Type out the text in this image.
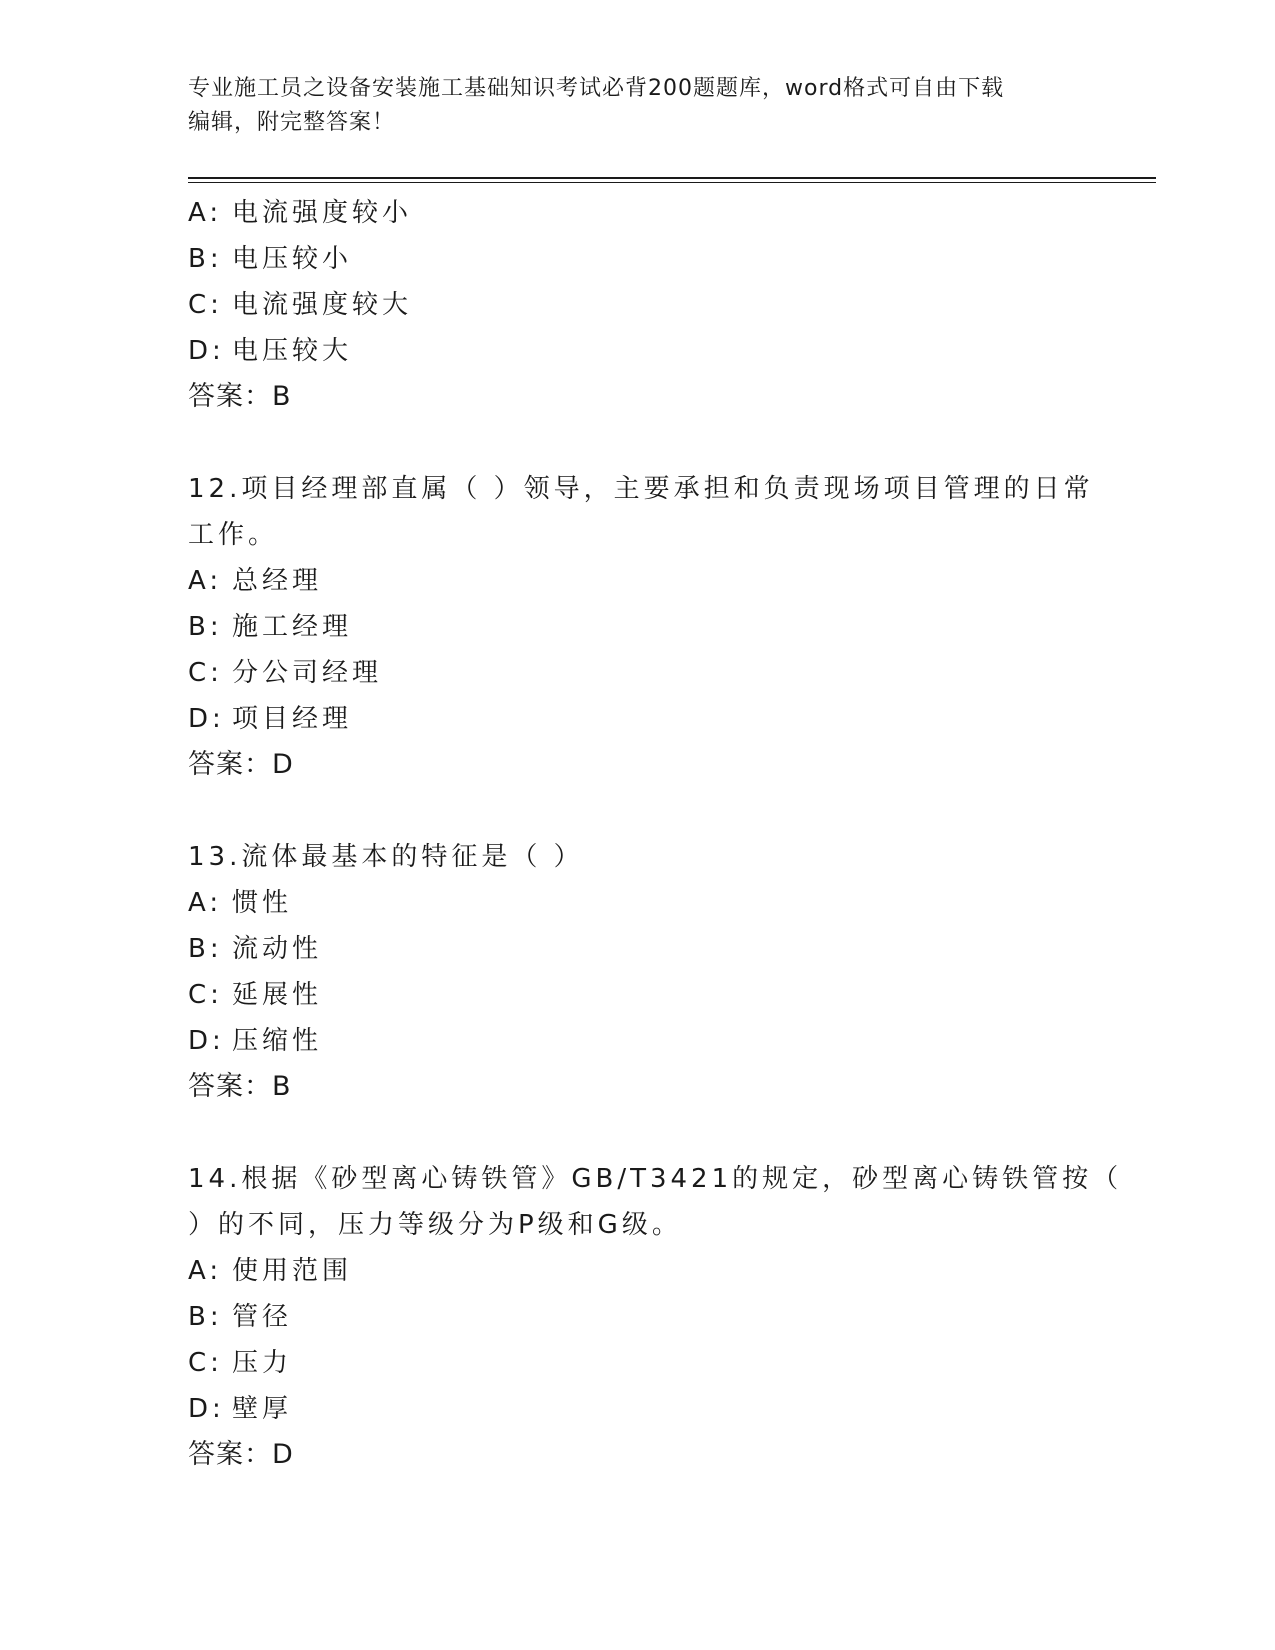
专业施工员之设备安装施工基础知识考试必背200题题库，word格式可自由下载
编辑，附完整答案！
A: 电流强度较小
B: 电压较小
C: 电流强度较大
D: 电压较大
答案：B
12.项目经理部直属（ ）领导，主要承担和负责现场项目管理的日常
工作。
A: 总经理
B: 施工经理
C: 分公司经理
D: 项目经理
答案：D
13.流体最基本的特征是（ ）
A: 惯性
B: 流动性
C: 延展性
D: 压缩性
答案：B
14.根据《砂型离心铸铁管》GB/T3421的规定，砂型离心铸铁管按（
）的不同，压力等级分为P级和G级。
A: 使用范围
B: 管径
C: 压力
D: 壁厚
答案：D
